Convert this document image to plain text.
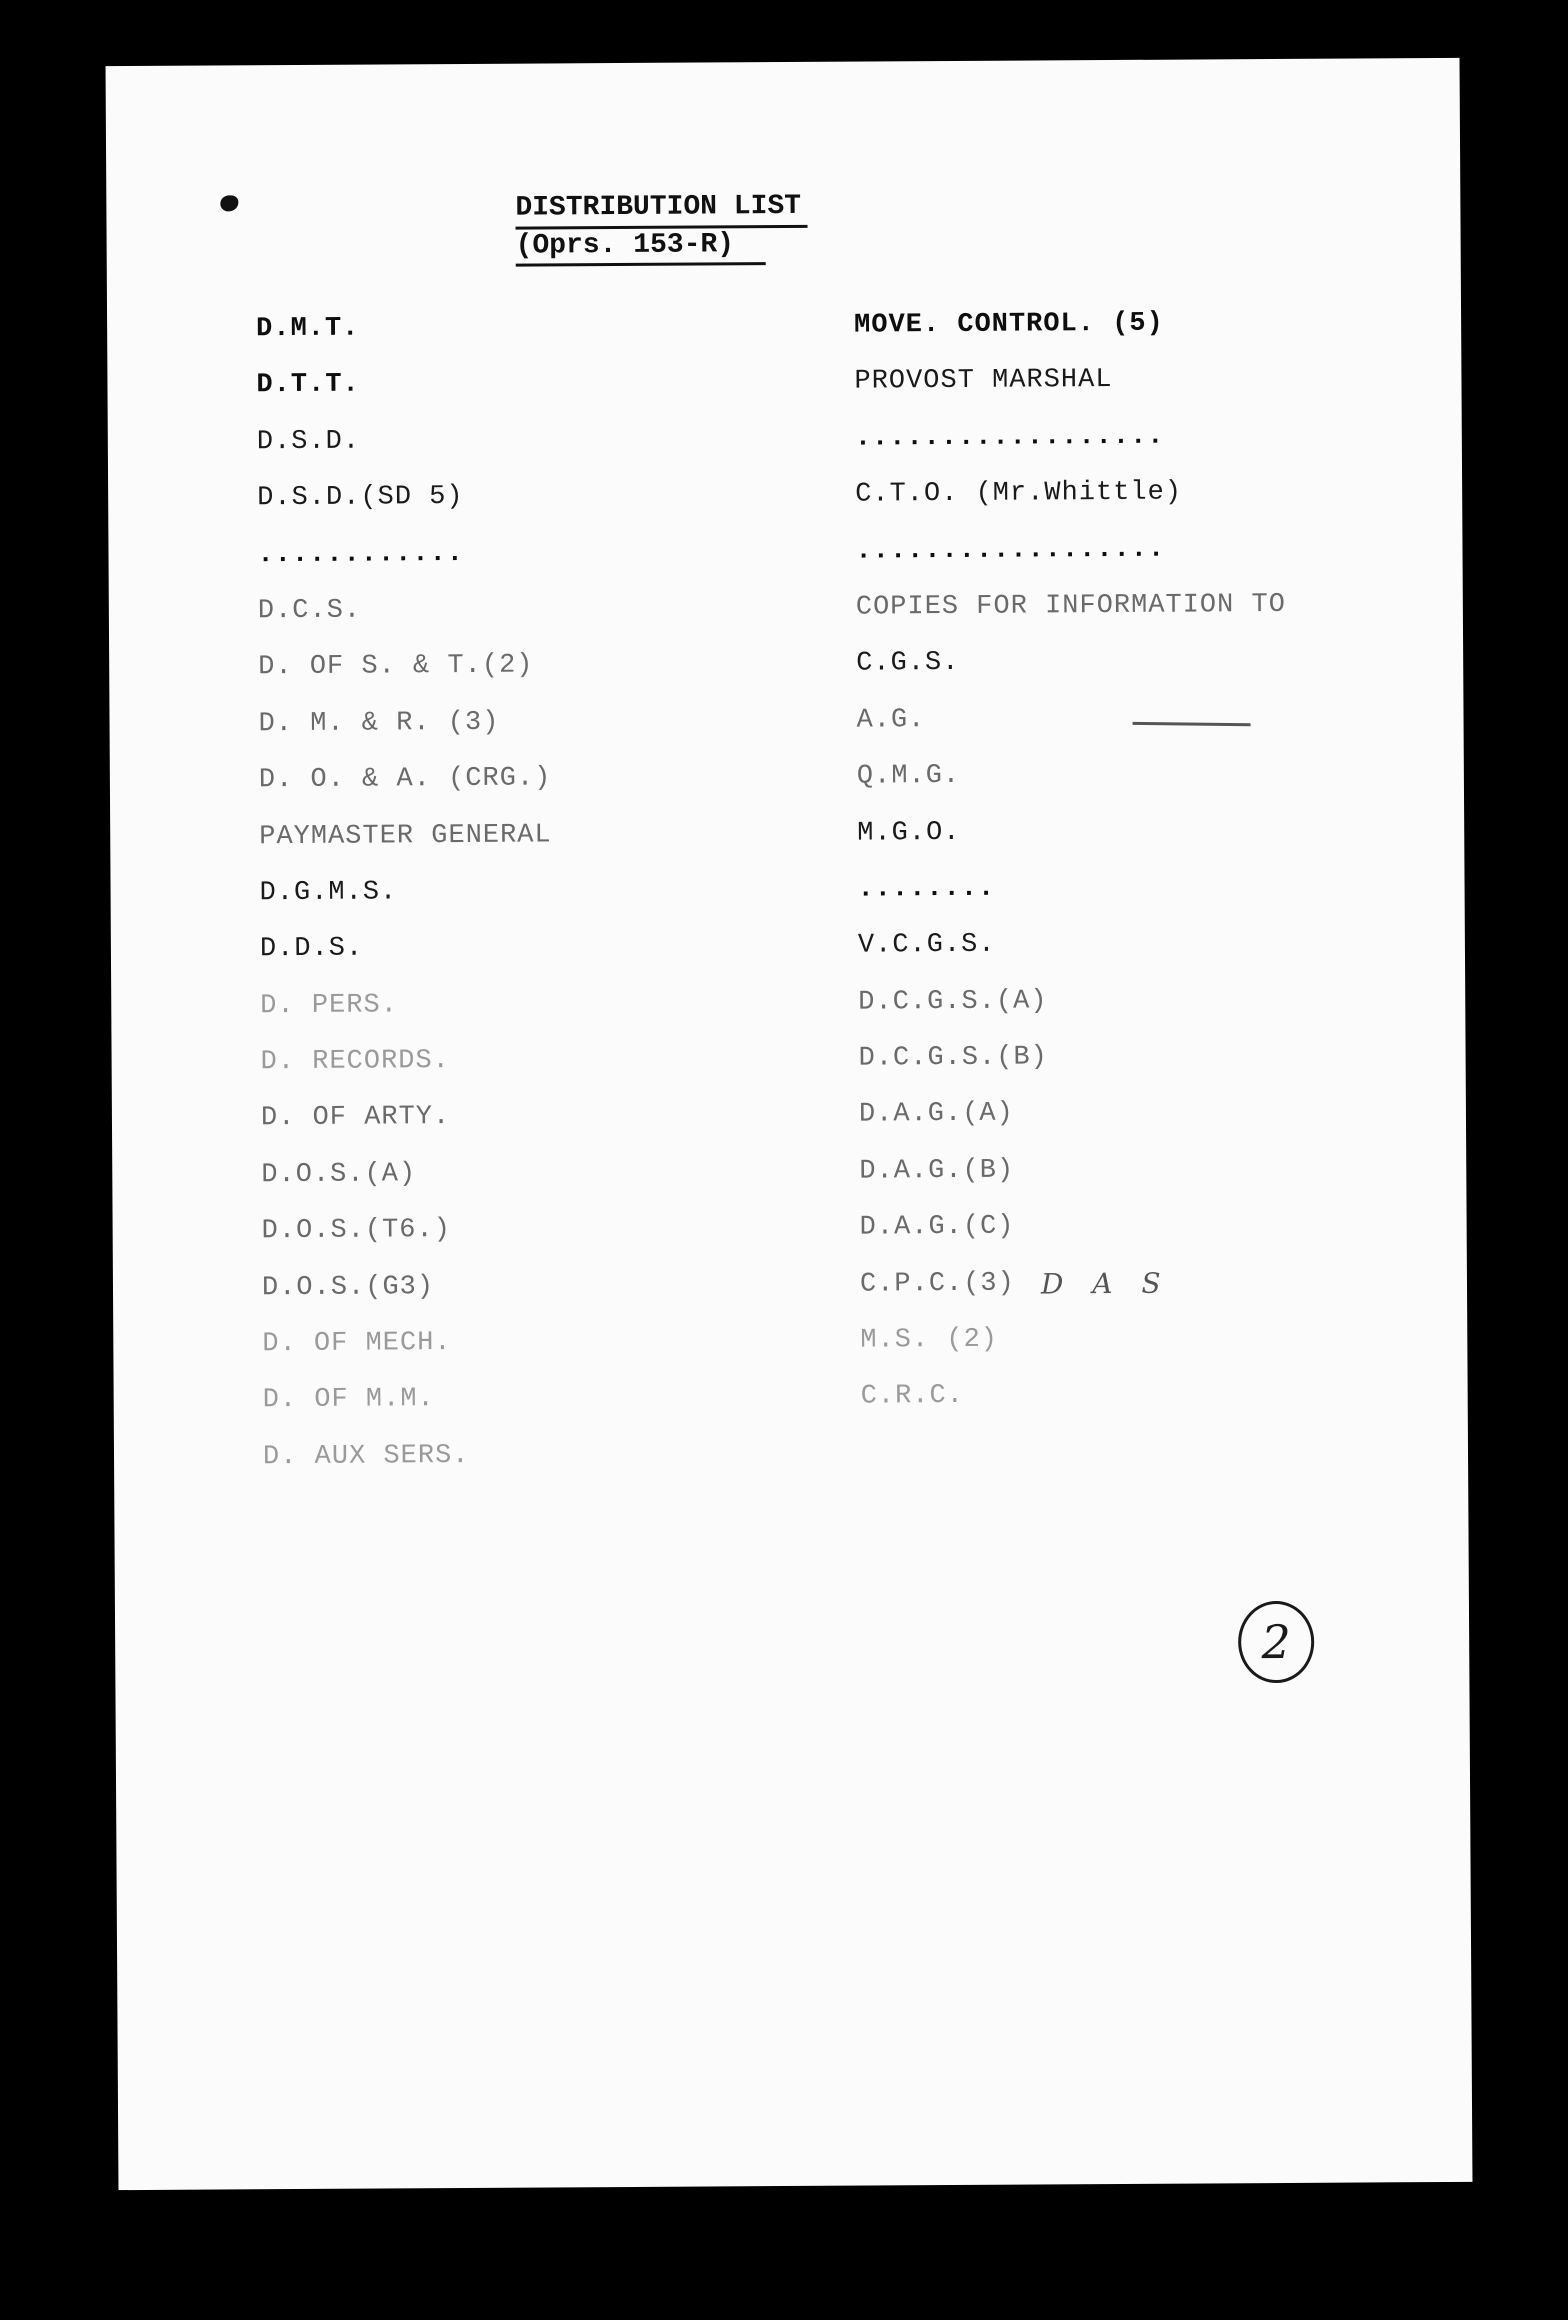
DISTRIBUTION LIST
(Oprs. 153-R)
D.M.T.
D.T.T.
D.S.D.
D.S.D.(SD 5)
............
D.C.S.
D. OF S. & T.(2)
D. M. & R. (3)
D. O. & A. (CRG.)
PAYMASTER GENERAL
D.G.M.S.
D.D.S.
D. PERS.
D. RECORDS.
D. OF ARTY.
D.O.S.(A)
D.O.S.(T6.)
D.O.S.(G3)
D. OF MECH.
D. OF M.M.
D. AUX SERS.
MOVE. CONTROL. (5)
PROVOST MARSHAL
..................
C.T.O. (Mr.Whittle)
..................
COPIES FOR INFORMATION TO
C.G.S.
A.G.
Q.M.G.
M.G.O.
........
V.C.G.S.
D.C.G.S.(A)
D.C.G.S.(B)
D.A.G.(A)
D.A.G.(B)
D.A.G.(C)
C.P.C.(3)
M.S. (2)
C.R.C.
D A S
2
